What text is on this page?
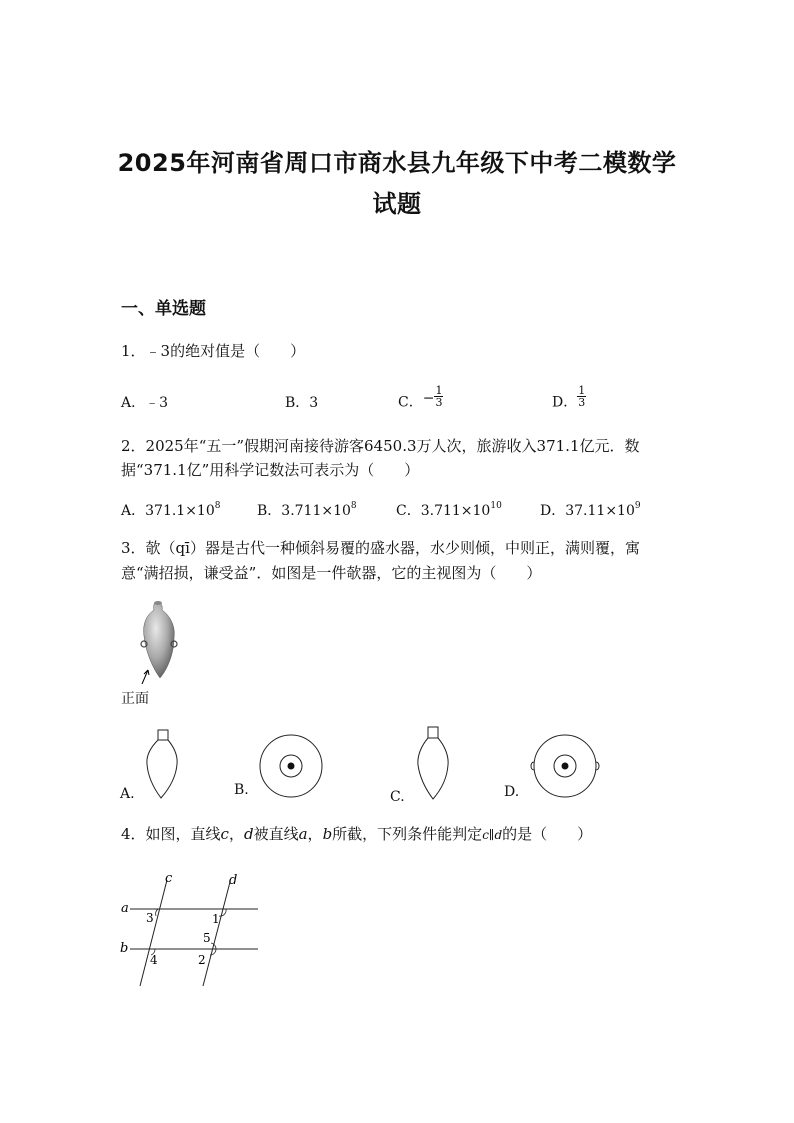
2025年河南省周口市商水县九年级下中考二模数学
试题
一、单选题
1．﹣3的绝对值是（　　）
A．﹣3	B．3	C．− $\frac{1}{3}$	D． $\frac{1}{3}$
2．2025年“五一”假期河南接待游客6450.3万人次，旅游收入371.1亿元．数
据“371.1亿”用科学记数法可表示为（　　）
A．$371.1\times 10^8$	B．$3.711\times 10^8$	C．$3.711\times 10^{10}$	D．$37.11\times 10^9$
3．欹（qī）器是古代一种倾斜易覆的盛水器，水少则倾，中则正，满则覆，寓
意“满招损，谦受益”．如图是一件欹器，它的主视图为（　　）
正面
A.	B.	C.	D.
4．如图，直线c，d被直线a，b所截，下列条件能判定c∥d的是（　　）
c	d
a
b
3	1
5
4	2
